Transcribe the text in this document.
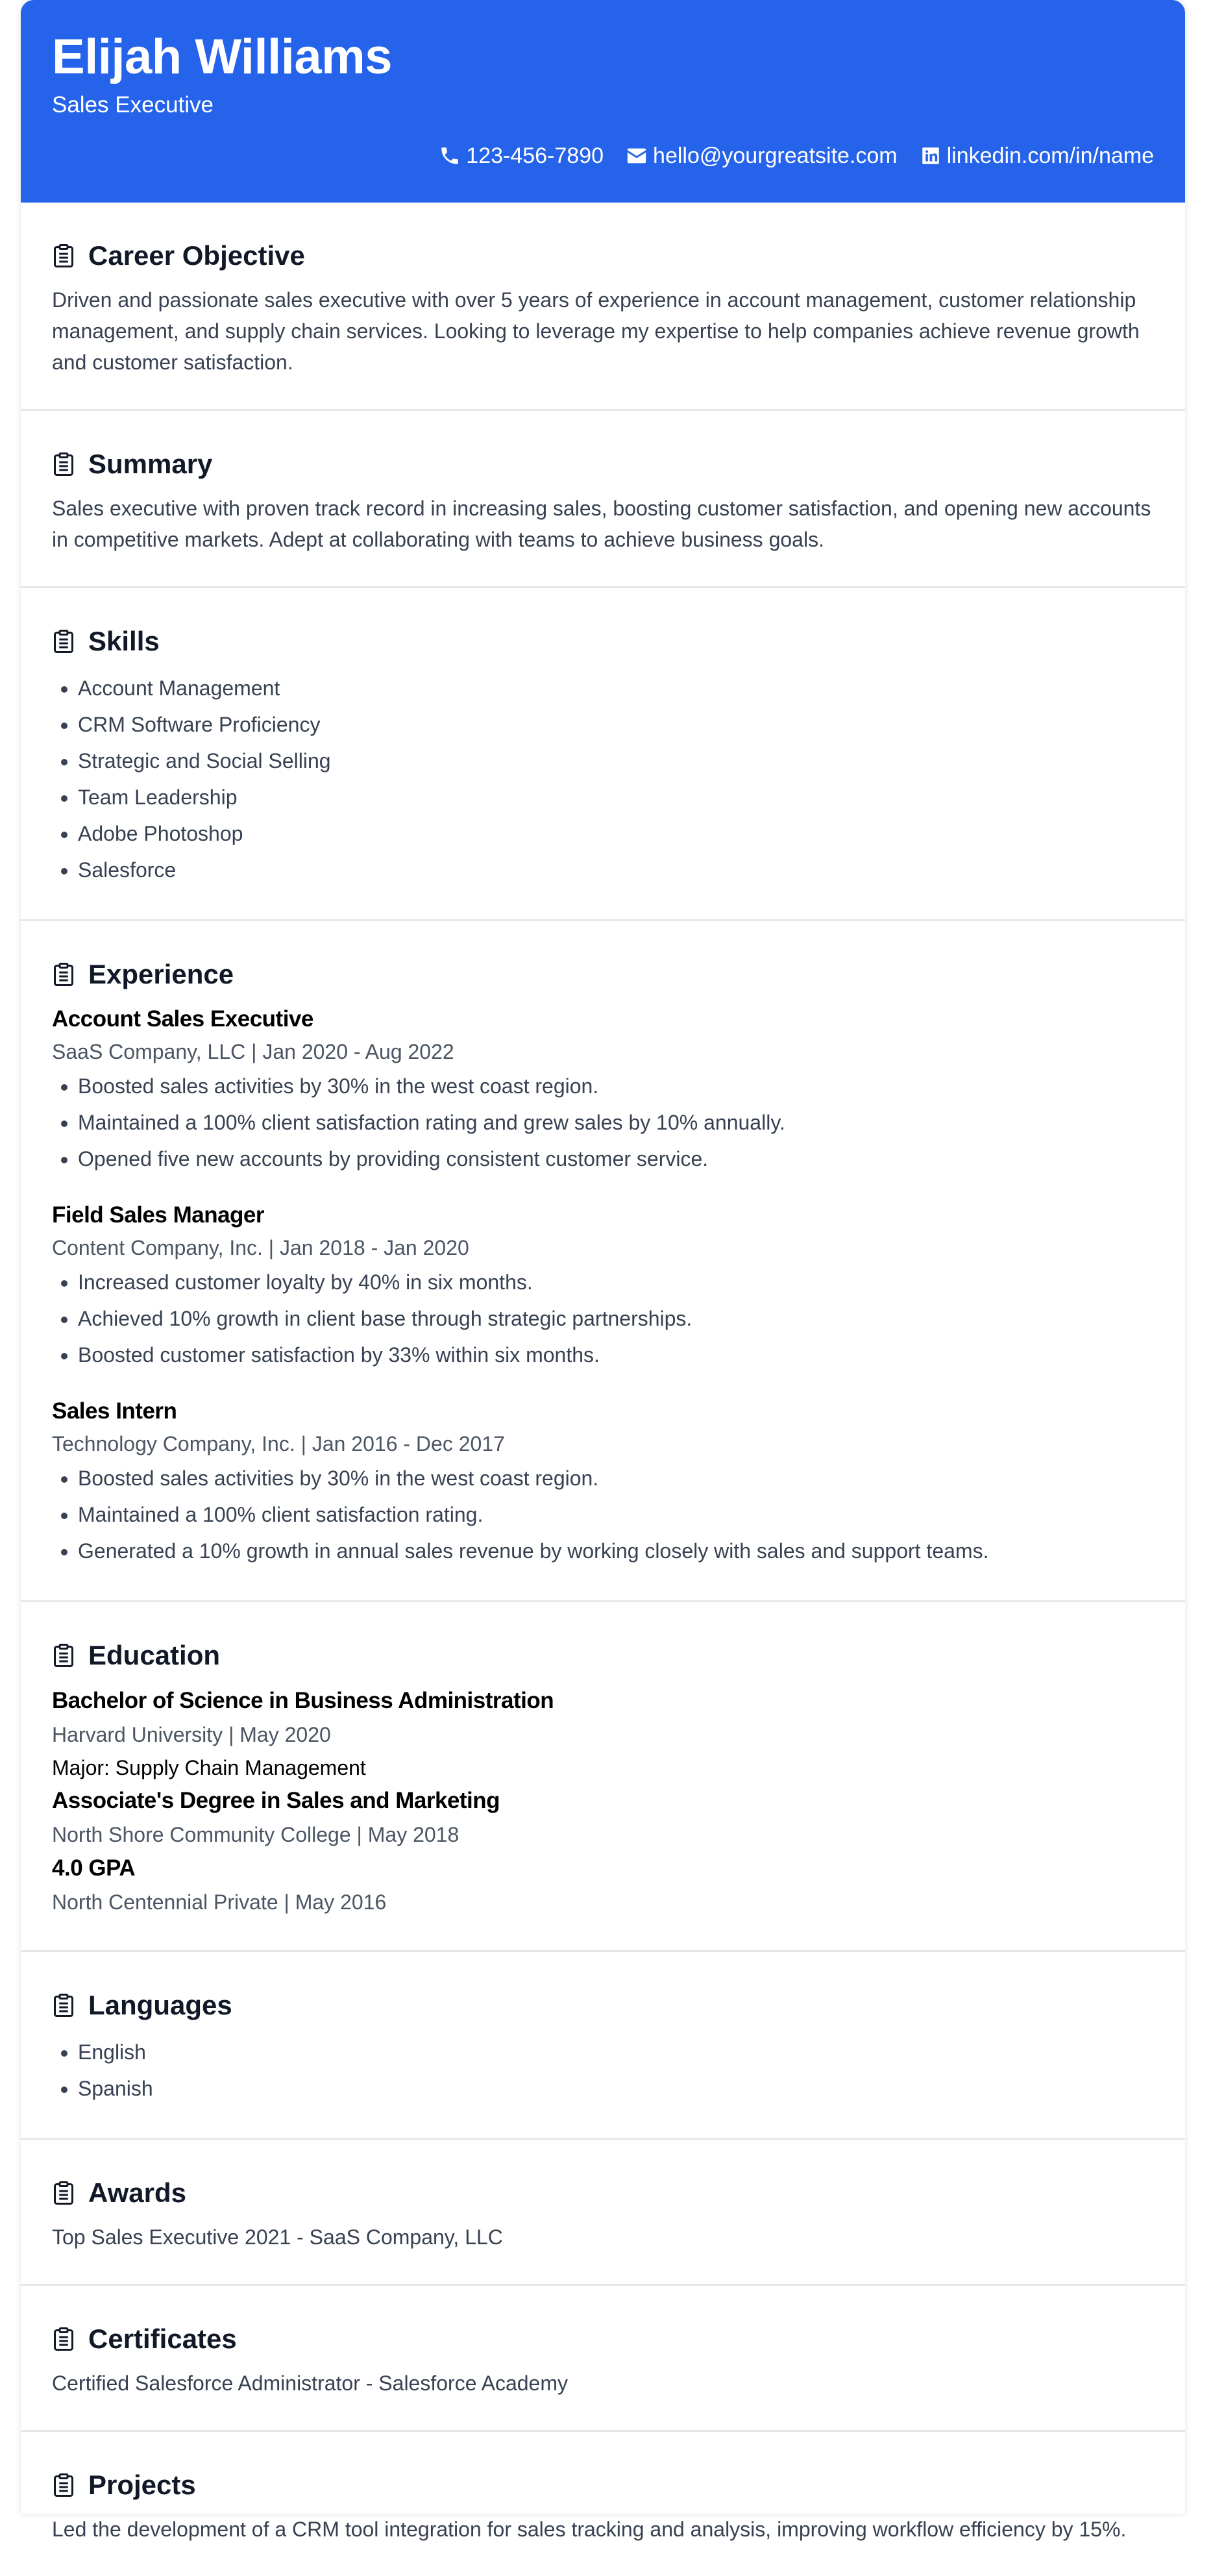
Elijah Williams
Sales Executive
123-456-7890 hello@yourgreatsite.com linkedin.com/in/name
Career Objective

Driven and passionate sales executive with over 5 years of experience in account management, customer relationship management, and supply chain services. Looking to leverage my expertise to help companies achieve revenue growth and customer satisfaction.

Summary

Sales executive with proven track record in increasing sales, boosting customer satisfaction, and opening new accounts in competitive markets. Adept at collaborating with teams to achieve business goals.

Skills
• Account Management
• CRM Software Proficiency
• Strategic and Social Selling
• Team Leadership
• Adobe Photoshop
• Salesforce
Experience
Account Sales Executive
SaaS Company, LLC | Jan 2020 - Aug 2022
• Boosted sales activities by 30% in the west coast region.
• Maintained a 100% client satisfaction rating and grew sales by 10% annually.
• Opened five new accounts by providing consistent customer service.
Field Sales Manager
Content Company, Inc. | Jan 2018 - Jan 2020
• Increased customer loyalty by 40% in six months.
• Achieved 10% growth in client base through strategic partnerships.
• Boosted customer satisfaction by 33% within six months.
Sales Intern
Technology Company, Inc. | Jan 2016 - Dec 2017
• Boosted sales activities by 30% in the west coast region.
• Maintained a 100% client satisfaction rating.
• Generated a 10% growth in annual sales revenue by working closely with sales and support teams.
Education
Bachelor of Science in Business Administration
Harvard University | May 2020
Major: Supply Chain Management
Associate's Degree in Sales and Marketing
North Shore Community College | May 2018
4.0 GPA
North Centennial Private | May 2016
Languages
• English
• Spanish
Awards

Top Sales Executive 2021 - SaaS Company, LLC

Certificates

Certified Salesforce Administrator - Salesforce Academy

Projects

Led the development of a CRM tool integration for sales tracking and analysis, improving workflow efficiency by 15%.
